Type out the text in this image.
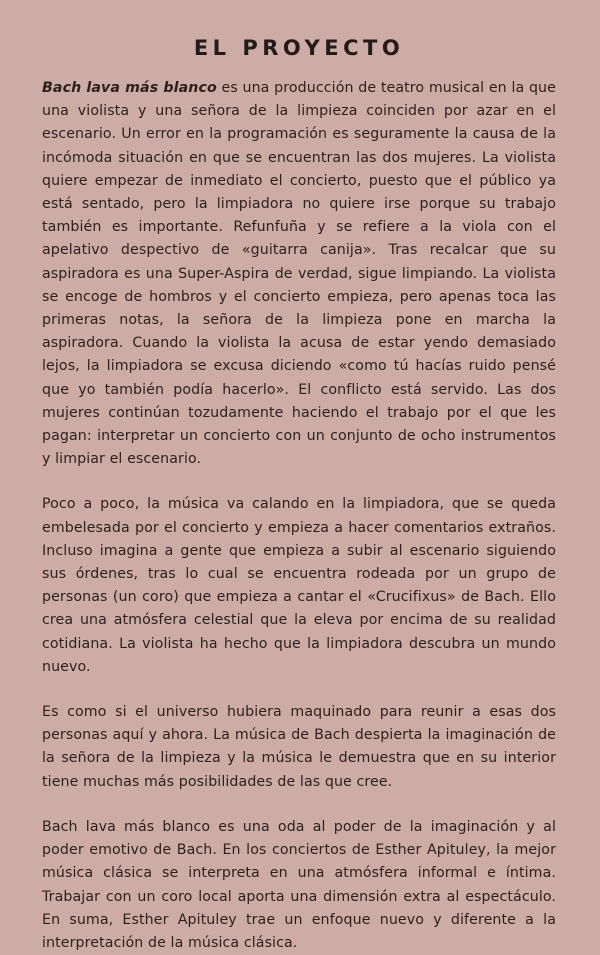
EL PROYECTO

Bach lava más blanco es una producción de teatro musical en la que una violista y una señora de la limpieza coinciden por azar en el escenario. Un error en la programación es seguramente la causa de la incómoda situación en que se encuentran las dos mujeres. La violista quiere empezar de inmediato el concierto, puesto que el público ya está sentado, pero la limpiadora no quiere irse porque su trabajo también es importante. Refunfuña y se refiere a la viola con el apelativo despectivo de «guitarra canija». Tras recalcar que su aspiradora es una Super-Aspira de verdad, sigue limpiando. La violista se encoge de hombros y el concierto empieza, pero apenas toca las primeras notas, la señora de la limpieza pone en marcha la aspiradora. Cuando la violista la acusa de estar yendo demasiado lejos, la limpiadora se excusa diciendo «como tú hacías ruido pensé que yo también podía hacerlo». El conflicto está servido. Las dos mujeres continúan tozudamente haciendo el trabajo por el que les pagan: interpretar un concierto con un conjunto de ocho instrumentos y limpiar el escenario.

Poco a poco, la música va calando en la limpiadora, que se queda embelesada por el concierto y empieza a hacer comentarios extraños. Incluso imagina a gente que empieza a subir al escenario siguiendo sus órdenes, tras lo cual se encuentra rodeada por un grupo de personas (un coro) que empieza a cantar el «Crucifixus» de Bach. Ello crea una atmósfera celestial que la eleva por encima de su realidad cotidiana. La violista ha hecho que la limpiadora descubra un mundo nuevo.

Es como si el universo hubiera maquinado para reunir a esas dos personas aquí y ahora. La música de Bach despierta la imaginación de la señora de la limpieza y la música le demuestra que en su interior tiene muchas más posibilidades de las que cree.

Bach lava más blanco es una oda al poder de la imaginación y al poder emotivo de Bach. En los conciertos de Esther Apituley, la mejor música clásica se interpreta en una atmósfera informal e íntima. Trabajar con un coro local aporta una dimensión extra al espectáculo. En suma, Esther Apituley trae un enfoque nuevo y diferente a la interpretación de la música clásica.
